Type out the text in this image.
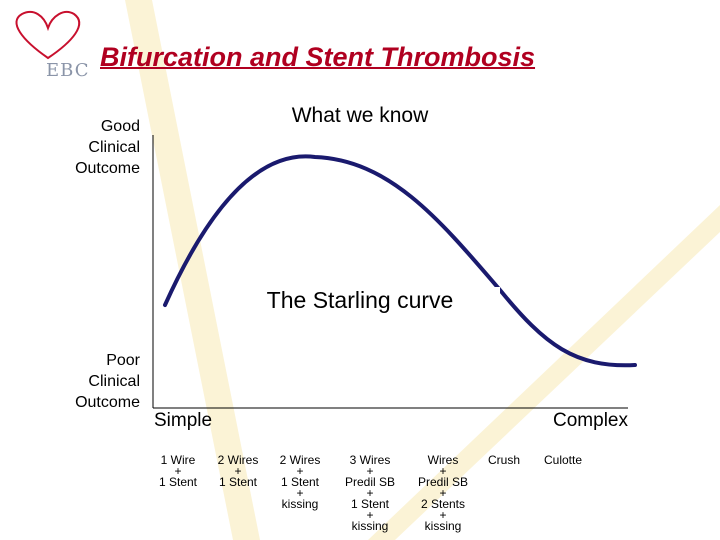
EBC Bifurcation and Stent Thrombosis
What we know
Good
Clinical
Outcome
Poor
Clinical
Outcome
The Starling curve
Simple	Complex
1 Wire
+
1 Stent
2 Wires
+
1 Stent
2 Wires
+
1 Stent
+
kissing
3 Wires
+
Predil SB
+
1 Stent
+
kissing
Wires
+
Predil SB
+
2 Stents
+
kissing
Crush	Culotte
